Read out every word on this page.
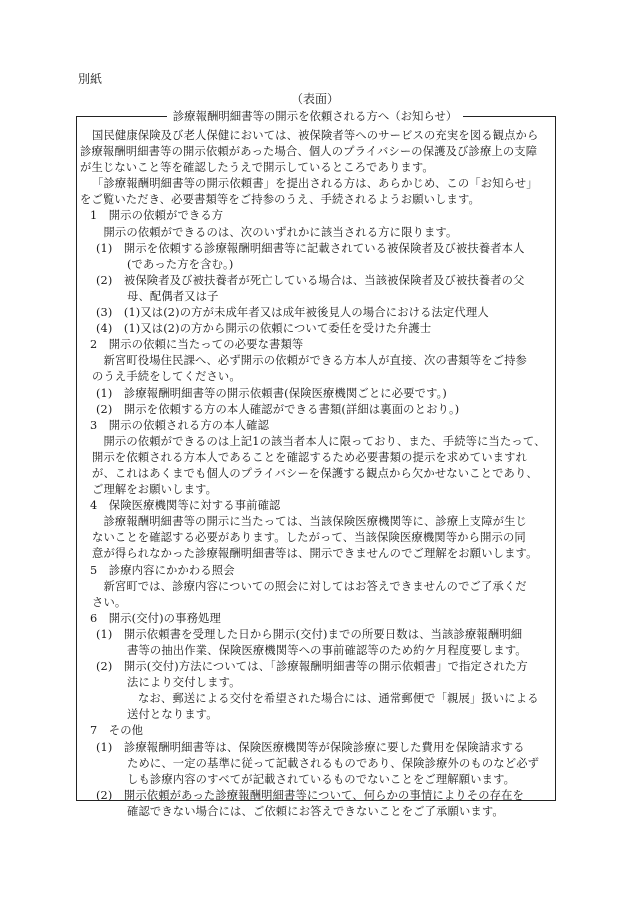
別紙
（表面）
診療報酬明細書等の開示を依頼される方へ（お知らせ）
国民健康保険及び老人保健においては、被保険者等へのサービスの充実を図る観点から
診療報酬明細書等の開示依頼があった場合、個人のプライバシーの保護及び診療上の支障
が生じないこと等を確認したうえで開示しているところであります。
「診療報酬明細書等の開示依頼書」を提出される方は、あらかじめ、この「お知らせ」
をご覧いただき、必要書類等をご持参のうえ、手続されるようお願いします。
1　開示の依頼ができる方
　開示の依頼ができるのは、次のいずれかに該当される方に限ります。
(1)　開示を依頼する診療報酬明細書等に記載されている被保険者及び被扶養者本人
(であった方を含む。)
(2)　被保険者及び被扶養者が死亡している場合は、当該被保険者及び被扶養者の父
母、配偶者又は子
(3)　(1)又は(2)の方が未成年者又は成年被後見人の場合における法定代理人
(4)　(1)又は(2)の方から開示の依頼について委任を受けた弁護士
2　開示の依頼に当たっての必要な書類等
　新宮町役場住民課へ、必ず開示の依頼ができる方本人が直接、次の書類等をご持参
のうえ手続をしてください。
(1)　診療報酬明細書等の開示依頼書(保険医療機関ごとに必要です。)
(2)　開示を依頼する方の本人確認ができる書類(詳細は裏面のとおり。)
3　開示の依頼される方の本人確認
　開示の依頼ができるのは上記1の該当者本人に限っており、また、手続等に当たって、
開示を依頼される方本人であることを確認するため必要書類の提示を求めていますれ
が、これはあくまでも個人のプライバシーを保護する観点から欠かせないことであり、
ご理解をお願いします。
4　保険医療機関等に対する事前確認
　診療報酬明細書等の開示に当たっては、当該保険医療機関等に、診療上支障が生じ
ないことを確認する必要があります。したがって、当該保険医療機関等から開示の同
意が得られなかった診療報酬明細書等は、開示できませんのでご理解をお願いします。
5　診療内容にかかわる照会
　新宮町では、診療内容についての照会に対してはお答えできませんのでご了承くだ
さい。
6　開示(交付)の事務処理
(1)　開示依頼書を受理した日から開示(交付)までの所要日数は、当該診療報酬明細
書等の抽出作業、保険医療機関等への事前確認等のため約ケ月程度要します。
(2)　開示(交付)方法については、「診療報酬明細書等の開示依頼書」で指定された方
法により交付します。
なお、郵送による交付を希望された場合には、通常郵便で「親展」扱いによる
送付となります。
7　その他
(1)　診療報酬明細書等は、保険医療機関等が保険診療に要した費用を保険請求する
ために、一定の基準に従って記載されるものであり、保険診療外のものなど必ず
しも診療内容のすべてが記載されているものでないことをご理解願います。
(2)　開示依頼があった診療報酬明細書等について、何らかの事情によりその存在を
確認できない場合には、ご依頼にお答えできないことをご了承願います。
